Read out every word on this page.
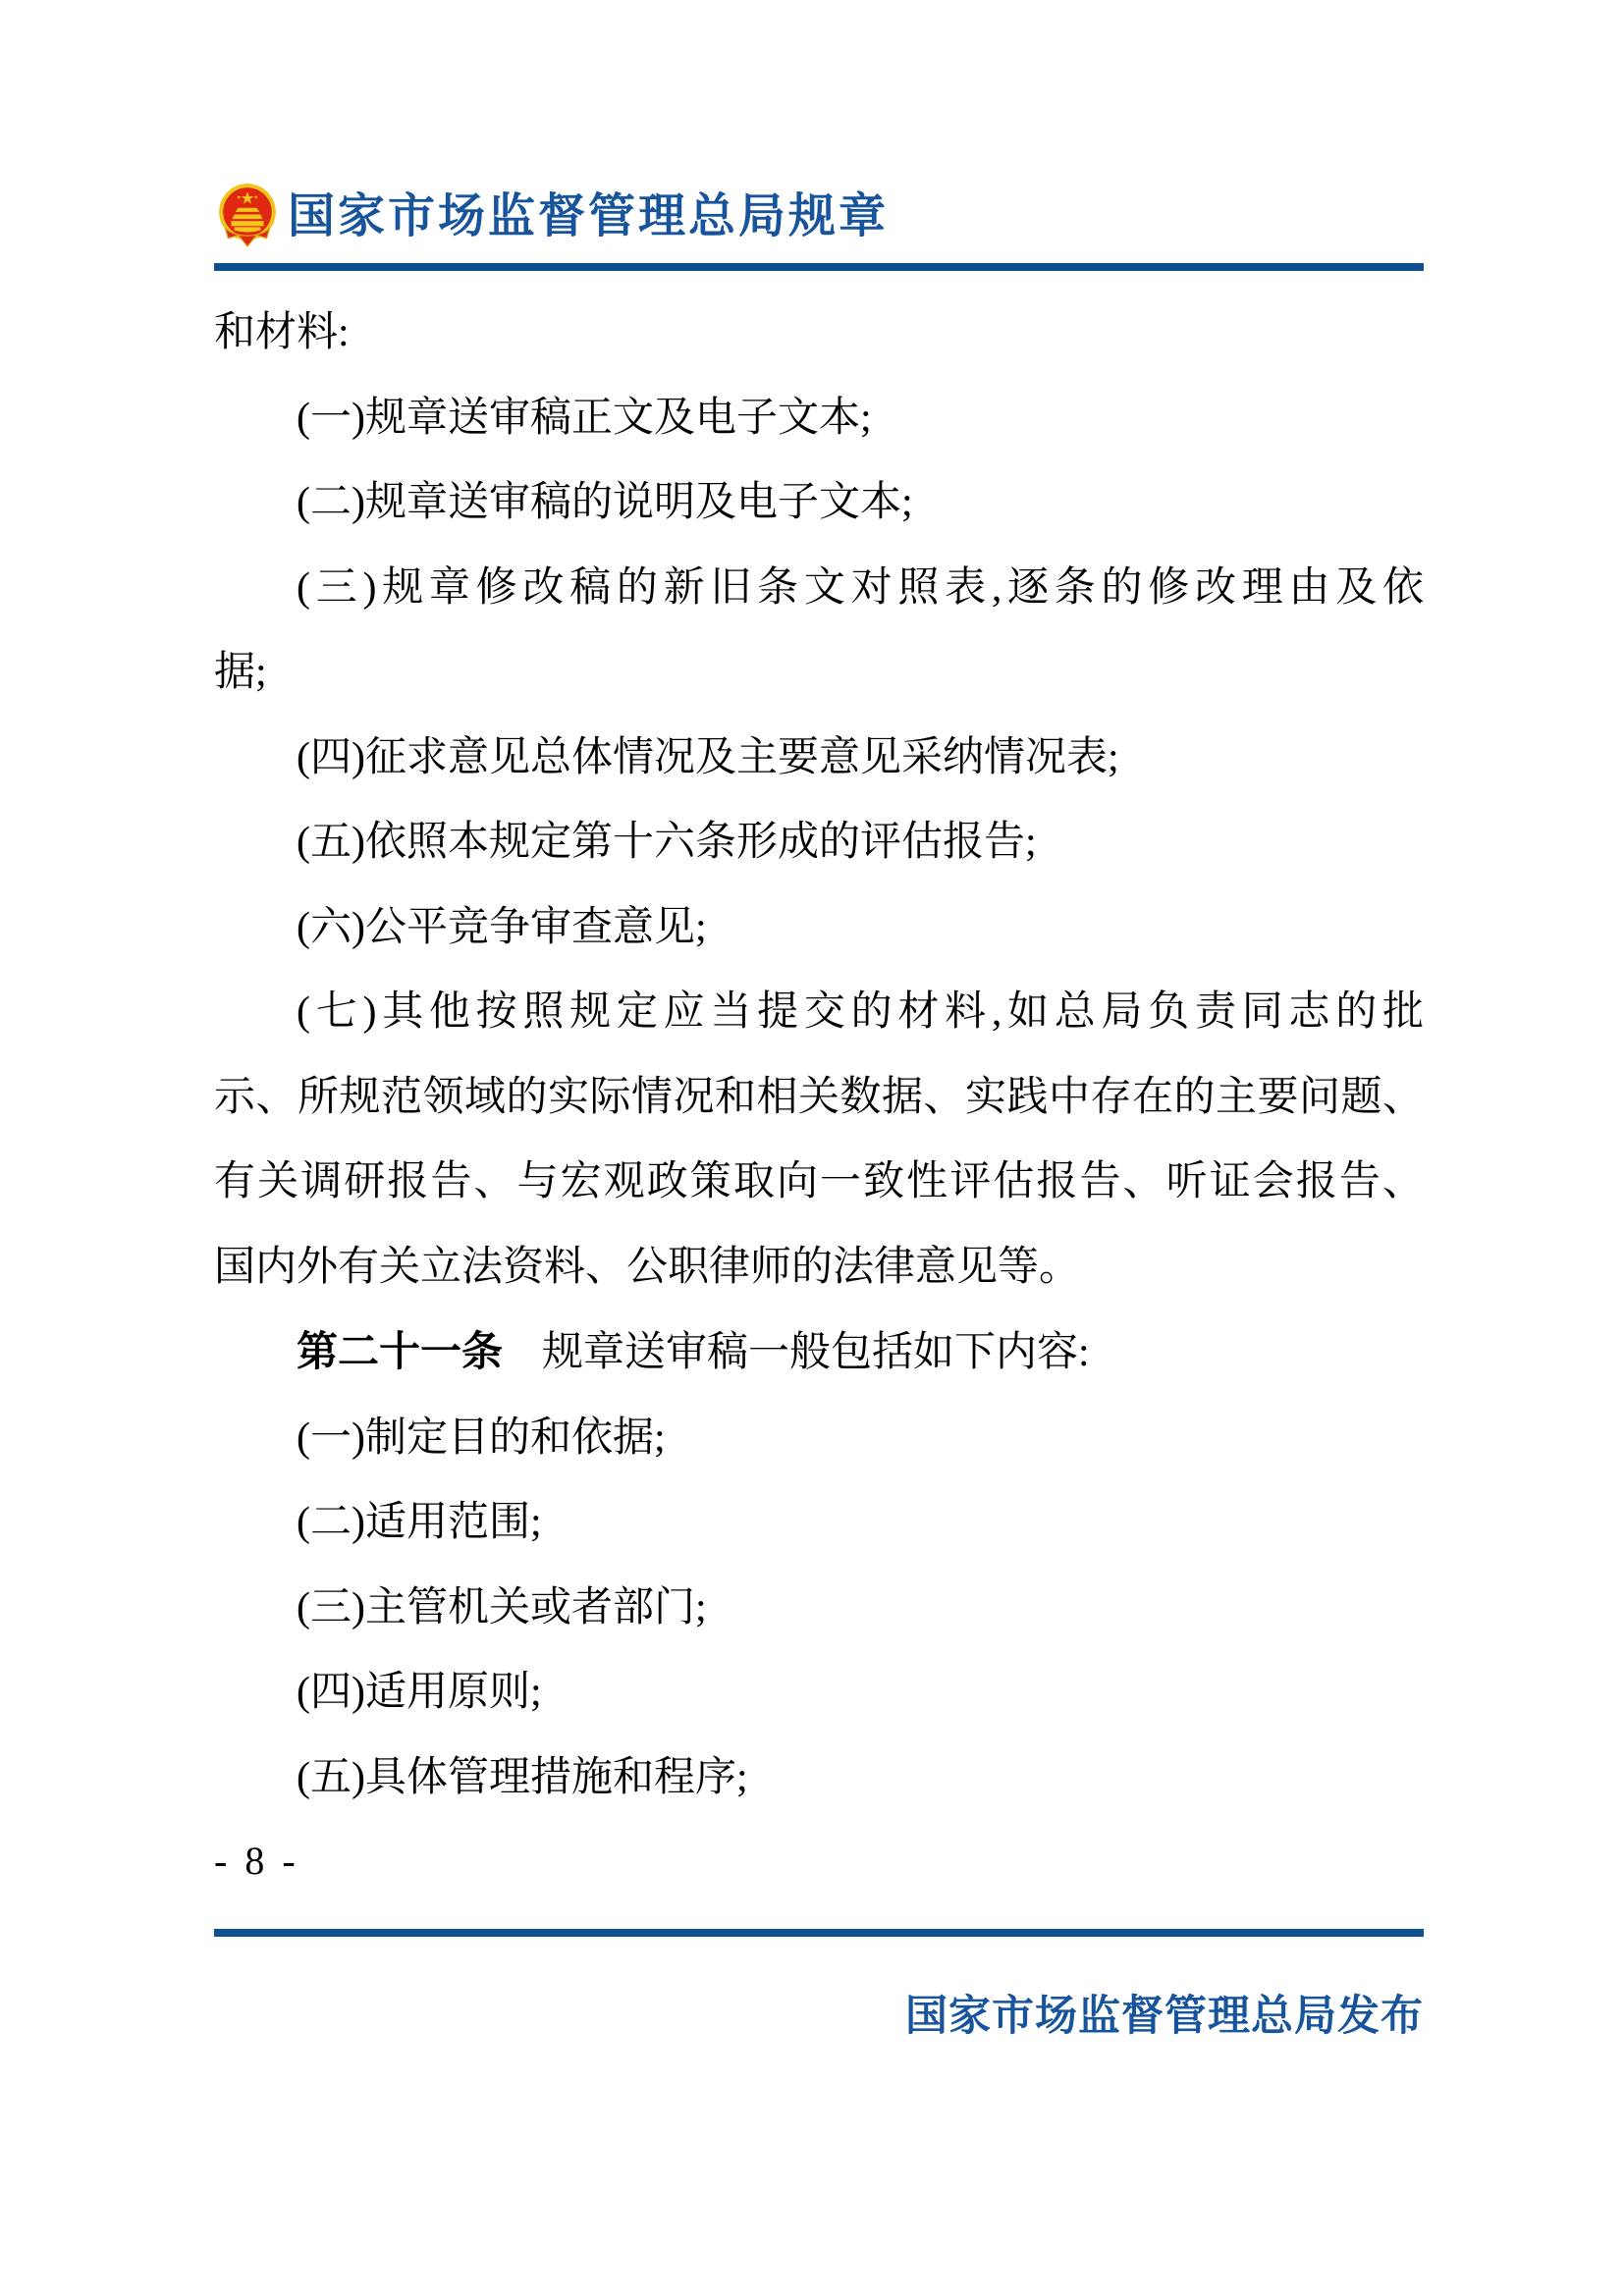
国家市场监督管理总局规章
和材料:
(一)规章送审稿正文及电子文本;
(二)规章送审稿的说明及电子文本;
(三)规章修改稿的新旧条文对照表,逐条的修改理由及依
据;
(四)征求意见总体情况及主要意见采纳情况表;
(五)依照本规定第十六条形成的评估报告;
(六)公平竞争审查意见;
(七)其他按照规定应当提交的材料,如总局负责同志的批
示、所规范领域的实际情况和相关数据、实践中存在的主要问题、
有关调研报告、与宏观政策取向一致性评估报告、听证会报告、
国内外有关立法资料、公职律师的法律意见等。
第二十一条 规章送审稿一般包括如下内容:
(一)制定目的和依据;
(二)适用范围;
(三)主管机关或者部门;
(四)适用原则;
(五)具体管理措施和程序;
- 8 -
国家市场监督管理总局发布
